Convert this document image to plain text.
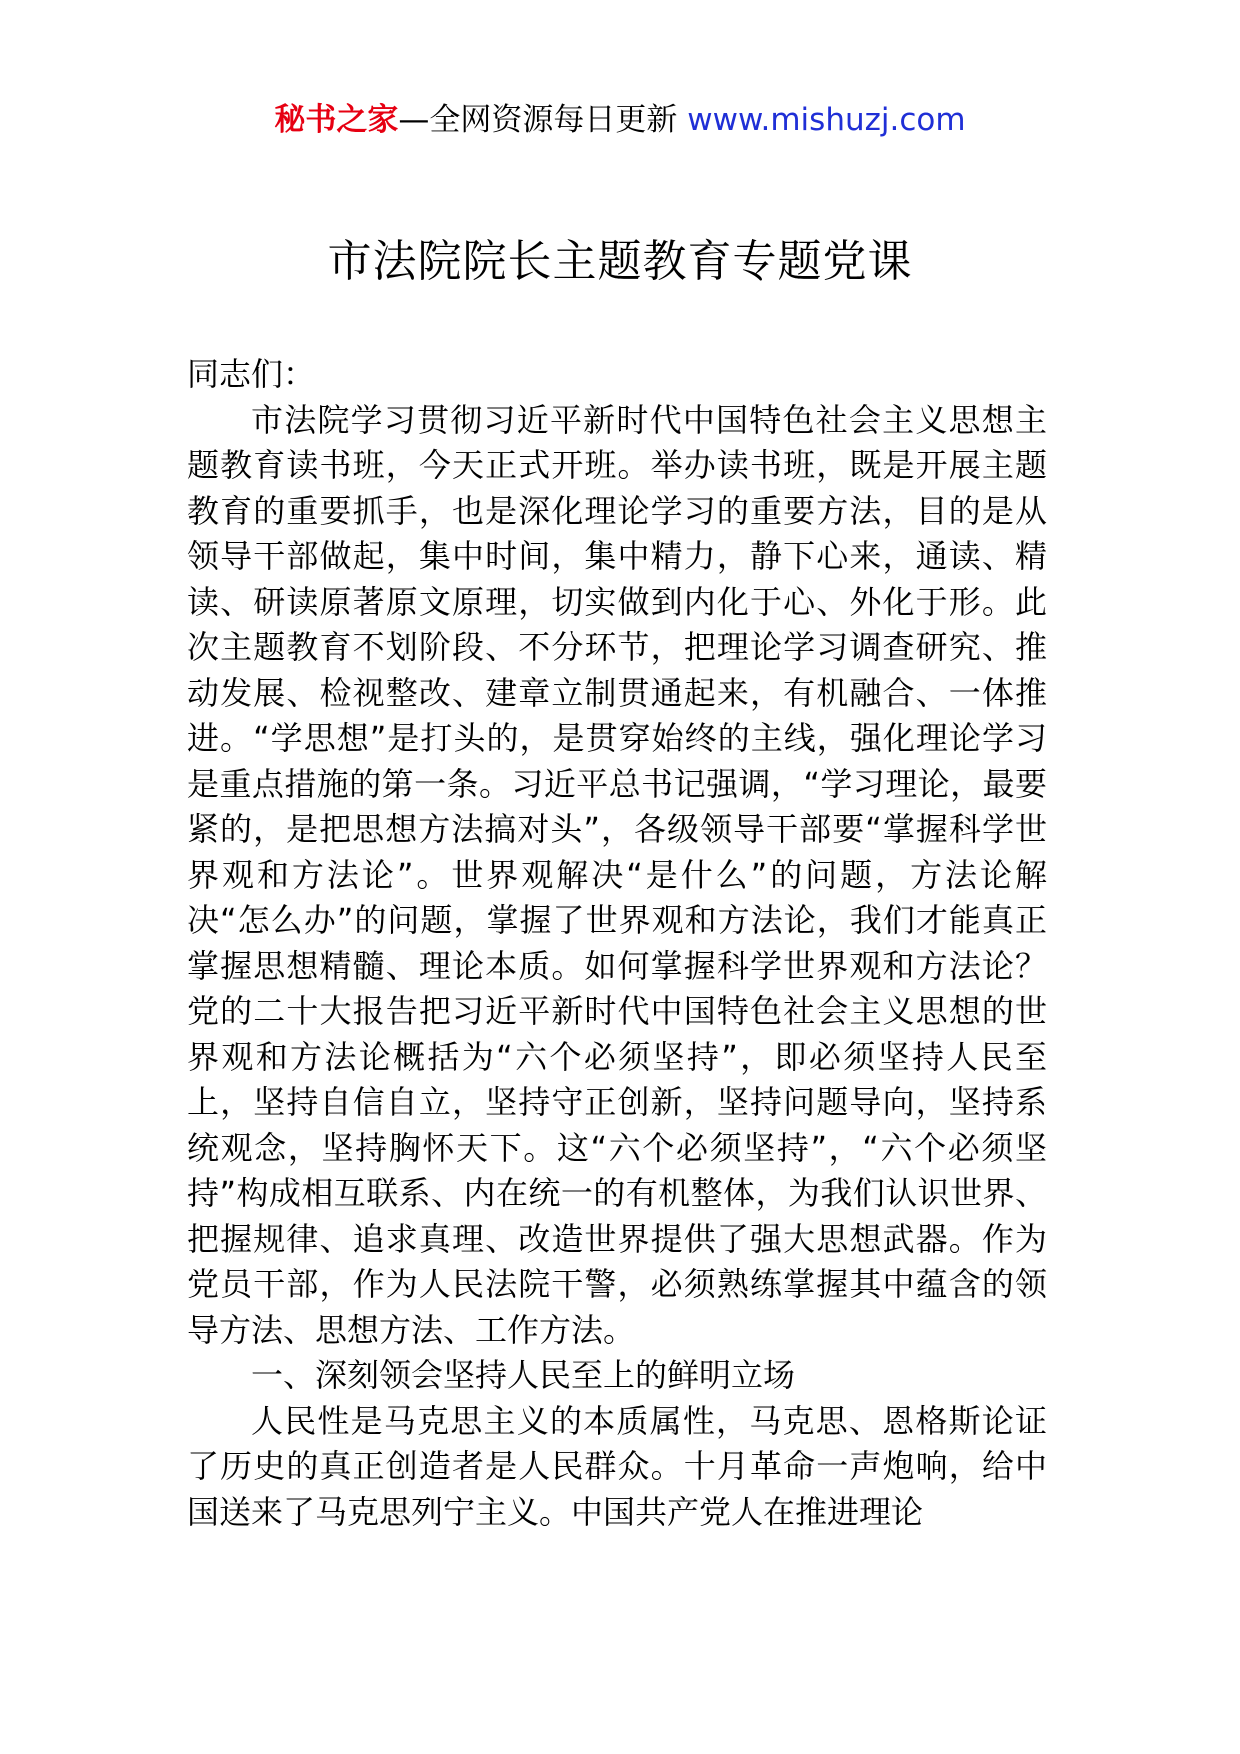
秘书之家—全网资源每日更新 www.mishuzj.com
市法院院长主题教育专题党课

同志们：

市法院学习贯彻习近平新时代中国特色社会主义思想主题教育读书班，今天正式开班。举办读书班，既是开展主题教育的重要抓手，也是深化理论学习的重要方法，目的是从领导干部做起，集中时间，集中精力，静下心来，通读、精读、研读原著原文原理，切实做到内化于心、外化于形。此次主题教育不划阶段、不分环节，把理论学习调查研究、推动发展、检视整改、建章立制贯通起来，有机融合、一体推进。“学思想”是打头的，是贯穿始终的主线，强化理论学习是重点措施的第一条。习近平总书记强调，“学习理论，最要紧的，是把思想方法搞对头”，各级领导干部要“掌握科学世界观和方法论”。世界观解决“是什么”的问题，方法论解决“怎么办”的问题，掌握了世界观和方法论，我们才能真正掌握思想精髓、理论本质。如何掌握科学世界观和方法论？党的二十大报告把习近平新时代中国特色社会主义思想的世界观和方法论概括为“六个必须坚持”，即必须坚持人民至上，坚持自信自立，坚持守正创新，坚持问题导向，坚持系统观念，坚持胸怀天下。这“六个必须坚持”，“六个必须坚持”构成相互联系、内在统一的有机整体，为我们认识世界、把握规律、追求真理、改造世界提供了强大思想武器。作为党员干部，作为人民法院干警，必须熟练掌握其中蕴含的领导方法、思想方法、工作方法。

一、深刻领会坚持人民至上的鲜明立场

人民性是马克思主义的本质属性，马克思、恩格斯论证了历史的真正创造者是人民群众。十月革命一声炮响，给中国送来了马克思列宁主义。中国共产党人在推进理论
